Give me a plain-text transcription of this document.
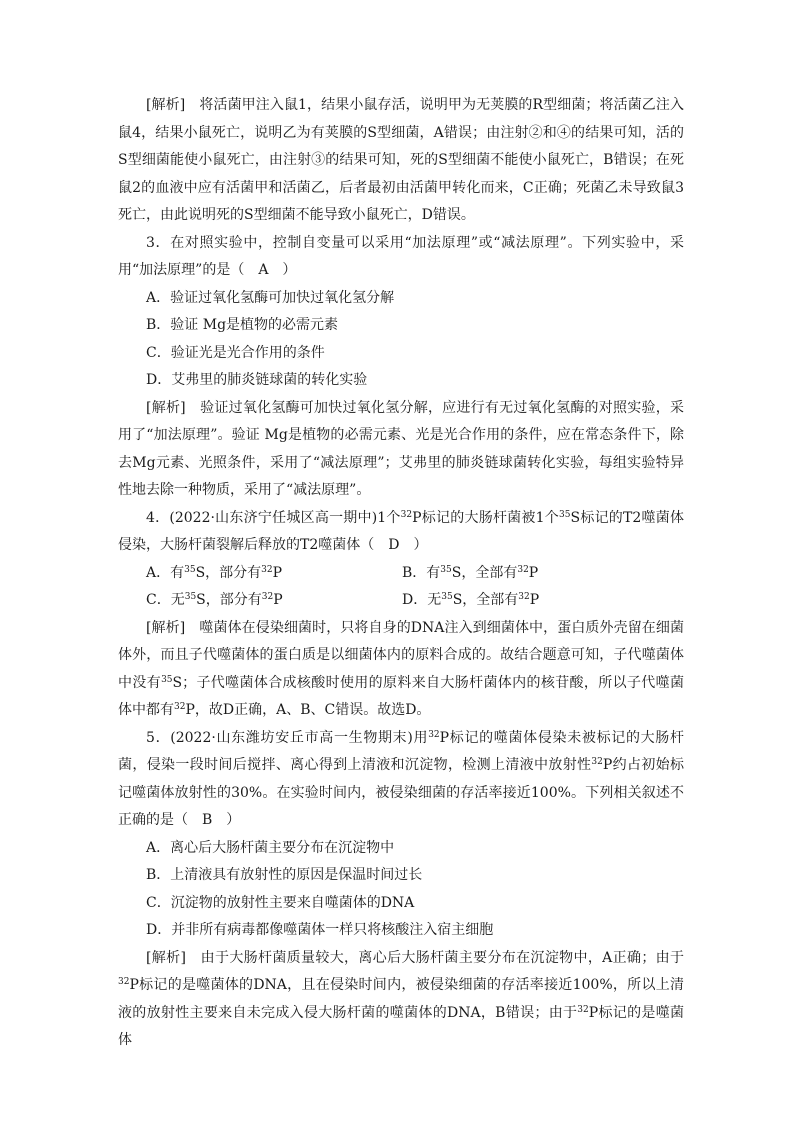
[解析]　 将活菌甲注入鼠1，结果小鼠存活，说明甲为无荚膜的R型细菌；将活菌乙注入鼠4，结果小鼠死亡，说明乙为有荚膜的S型细菌，A错误；由注射②和④的结果可知，活的S型细菌能使小鼠死亡，由注射③的结果可知，死的S型细菌不能使小鼠死亡，B错误；在死鼠2的血液中应有活菌甲和活菌乙，后者最初由活菌甲转化而来，C正确；死菌乙未导致鼠3死亡，由此说明死的S型细菌不能导致小鼠死亡，D错误。
3．在对照实验中，控制自变量可以采用“加法原理”或“减法原理”。下列实验中，采用“加法原理”的是（　A　）
A．验证过氧化氢酶可加快过氧化氢分解
B．验证 Mg是植物的必需元素
C．验证光是光合作用的条件
D．艾弗里的肺炎链球菌的转化实验
[解析]　 验证过氧化氢酶可加快过氧化氢分解，应进行有无过氧化氢酶的对照实验，采用了“加法原理”。验证 Mg是植物的必需元素、光是光合作用的条件，应在常态条件下，除去Mg元素、光照条件，采用了“减法原理”；艾弗里的肺炎链球菌转化实验，每组实验特异性地去除一种物质，采用了“减法原理”。
4．(2022·山东济宁任城区高一期中)1个$^{32}$P标记的大肠杆菌被1个$^{35}$S标记的T2噬菌体侵染，大肠杆菌裂解后释放的T2噬菌体（　D　）
A．有$^{35}$S，部分有$^{32}$P	B．有$^{35}$S，全部有$^{32}$P
C．无$^{35}$S，部分有$^{32}$P	D．无$^{35}$S，全部有$^{32}$P
[解析]　 噬菌体在侵染细菌时，只将自身的DNA注入到细菌体中，蛋白质外壳留在细菌体外，而且子代噬菌体的蛋白质是以细菌体内的原料合成的。故结合题意可知，子代噬菌体中没有$^{35}$S；子代噬菌体合成核酸时使用的原料来自大肠杆菌体内的核苷酸，所以子代噬菌体中都有$^{32}$P，故D正确，A、B、C错误。故选D。
5．(2022·山东潍坊安丘市高一生物期末)用$^{32}$P标记的噬菌体侵染未被标记的大肠杆菌，侵染一段时间后搅拌、离心得到上清液和沉淀物，检测上清液中放射性$^{32}$P约占初始标记噬菌体放射性的30%。在实验时间内，被侵染细菌的存活率接近100%。下列相关叙述不正确的是（　B　）
A．离心后大肠杆菌主要分布在沉淀物中
B．上清液具有放射性的原因是保温时间过长
C．沉淀物的放射性主要来自噬菌体的DNA
D．并非所有病毒都像噬菌体一样只将核酸注入宿主细胞
[解析]　 由于大肠杆菌质量较大，离心后大肠杆菌主要分布在沉淀物中，A正确；由于$^{32}$P标记的是噬菌体的DNA，且在侵染时间内，被侵染细菌的存活率接近100%，所以上清液的放射性主要来自未完成入侵大肠杆菌的噬菌体的DNA，B错误；由于$^{32}$P标记的是噬菌体
